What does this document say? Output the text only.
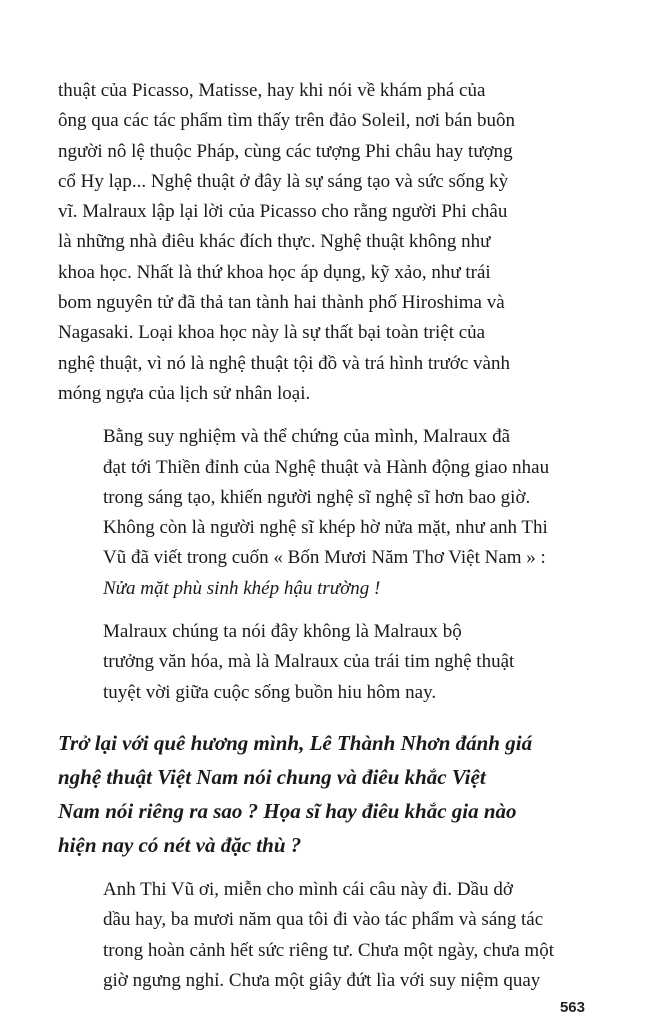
thuật của Picasso, Matisse, hay khi nói về khám phá của
ông qua các tác phẩm tìm thấy trên đảo Soleil, nơi bán buôn
người nô lệ thuộc Pháp, cùng các tượng Phi châu hay tượng
cổ Hy lạp... Nghệ thuật ở đây là sự sáng tạo và sức sống kỳ
vĩ. Malraux lập lại lời của Picasso cho rằng người Phi châu
là những nhà điêu khác đích thực. Nghệ thuật không như
khoa học. Nhất là thứ khoa học áp dụng, kỹ xảo, như trái
bom nguyên tử đã thả tan tành hai thành phố Hiroshima và
Nagasaki. Loại khoa học này là sự thất bại toàn triệt của
nghệ thuật, vì nó là nghệ thuật tội đồ và trá hình trước vành
móng ngựa của lịch sử nhân loại.

Bằng suy nghiệm và thể chứng của mình, Malraux đã
đạt tới Thiền đỉnh của Nghệ thuật và Hành động giao nhau
trong sáng tạo, khiến người nghệ sĩ nghệ sĩ hơn bao giờ.
Không còn là người nghệ sĩ khép hờ nửa mặt, như anh Thi
Vũ đã viết trong cuốn « Bốn Mươi Năm Thơ Việt Nam » :
Nửa mặt phù sinh khép hậu trường !

Malraux chúng ta nói đây không là Malraux bộ
trưởng văn hóa, mà là Malraux của trái tim nghệ thuật
tuyệt vời giữa cuộc sống buồn hiu hôm nay.

Trở lại với quê hương mình, Lê Thành Nhơn đánh giá
nghệ thuật Việt Nam nói chung và điêu khắc Việt
Nam nói riêng ra sao ? Họa sĩ hay điêu khắc gia nào
hiện nay có nét và đặc thù ?

Anh Thi Vũ ơi, miễn cho mình cái câu này đi. Dầu dở
dầu hay, ba mươi năm qua tôi đi vào tác phẩm và sáng tác
trong hoàn cảnh hết sức riêng tư. Chưa một ngày, chưa một
giờ ngưng nghỉ. Chưa một giây đứt lìa với suy niệm quay

563
